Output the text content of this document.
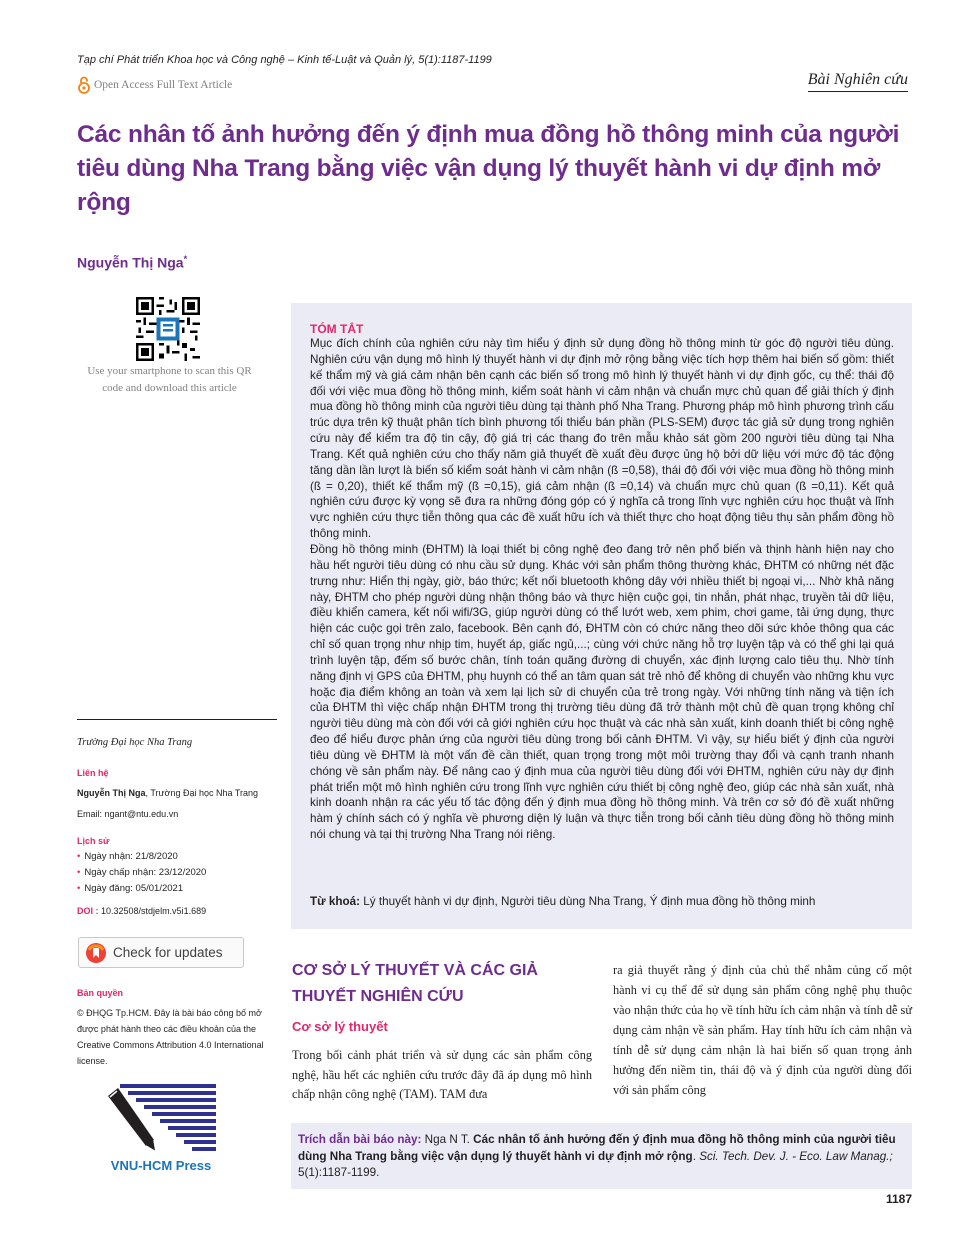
Tạp chí Phát triển Khoa học và Công nghệ – Kinh tế-Luật và Quản lý, 5(1):1187-1199
Open Access Full Text Article	Bài Nghiên cứu
Các nhân tố ảnh hưởng đến ý định mua đồng hồ thông minh của người tiêu dùng Nha Trang bằng việc vận dụng lý thuyết hành vi dự định mở rộng
Nguyễn Thị Nga*
Use your smartphone to scan this QR code and download this article
Trường Đại học Nha Trang
Liên hệ
Nguyễn Thị Nga, Trường Đại học Nha Trang
Email: ngant@ntu.edu.vn
Lịch sử
• Ngày nhận: 21/8/2020
• Ngày chấp nhận: 23/12/2020
• Ngày đăng: 05/01/2021
DOI : 10.32508/stdjelm.v5i1.689
Check for updates
Bản quyền
© ĐHQG Tp.HCM. Đây là bài báo công bố mở được phát hành theo các điều khoản của the Creative Commons Attribution 4.0 International license.
VNU-HCM Press
TÓM TẮT

Mục đích chính của nghiên cứu này tìm hiểu ý định sử dụng đồng hồ thông minh từ góc độ người tiêu dùng. Nghiên cứu vận dụng mô hình lý thuyết hành vi dự định mở rộng bằng việc tích hợp thêm hai biến số gồm: thiết kế thẩm mỹ và giá cảm nhận bên cạnh các biến số trong mô hình lý thuyết hành vi dự định gốc, cụ thể: thái độ đối với việc mua đồng hồ thông minh, kiểm soát hành vi cảm nhận và chuẩn mực chủ quan để giải thích ý định mua đồng hồ thông minh của người tiêu dùng tại thành phố Nha Trang. Phương pháp mô hình phương trình cấu trúc dựa trên kỹ thuật phân tích bình phương tối thiểu bán phần (PLS-SEM) được tác giả sử dụng trong nghiên cứu này để kiểm tra độ tin cậy, độ giá trị các thang đo trên mẫu khảo sát gồm 200 người tiêu dùng tại Nha Trang. Kết quả nghiên cứu cho thấy năm giả thuyết đề xuất đều được ủng hộ bởi dữ liệu với mức độ tác động tăng dần lần lượt là biến số kiểm soát hành vi cảm nhận (ß =0,58), thái độ đối với việc mua đồng hồ thông minh (ß = 0,20), thiết kế thẩm mỹ (ß =0,15), giá cảm nhận (ß =0,14) và chuẩn mực chủ quan (ß =0,11). Kết quả nghiên cứu được kỳ vọng sẽ đưa ra những đóng góp có ý nghĩa cả trong lĩnh vực nghiên cứu học thuật và lĩnh vực nghiên cứu thực tiễn thông qua các đề xuất hữu ích và thiết thực cho hoạt động tiêu thụ sản phẩm đồng hồ thông minh.

Đồng hồ thông minh (ĐHTM) là loại thiết bị công nghệ đeo đang trở nên phổ biến và thịnh hành hiện nay cho hầu hết người tiêu dùng có nhu cầu sử dụng. Khác với sản phẩm thông thường khác, ĐHTM có những nét đặc trưng như: Hiển thị ngày, giờ, báo thức; kết nối bluetooth không dây với nhiều thiết bị ngoại vi,... Nhờ khả năng này, ĐHTM cho phép người dùng nhận thông báo và thực hiện cuộc gọi, tin nhắn, phát nhạc, truyền tải dữ liệu, điều khiển camera, kết nối wifi/3G, giúp người dùng có thể lướt web, xem phim, chơi game, tải ứng dụng, thực hiện các cuộc gọi trên zalo, facebook. Bên cạnh đó, ĐHTM còn có chức năng theo dõi sức khỏe thông qua các chỉ số quan trọng như nhịp tim, huyết áp, giấc ngủ,...; cùng với chức năng hỗ trợ luyện tập và có thể ghi lại quá trình luyện tập, đếm số bước chân, tính toán quãng đường di chuyển, xác định lượng calo tiêu thụ. Nhờ tính năng định vị GPS của ĐHTM, phụ huynh có thể an tâm quan sát trẻ nhỏ để không di chuyển vào những khu vực hoặc địa điểm không an toàn và xem lại lịch sử di chuyển của trẻ trong ngày. Với những tính năng và tiện ích của ĐHTM thì việc chấp nhận ĐHTM trong thị trường tiêu dùng đã trở thành một chủ đề quan trọng không chỉ người tiêu dùng mà còn đối với cả giới nghiên cứu học thuật và các nhà sản xuất, kinh doanh thiết bị công nghệ đeo để hiểu được phản ứng của người tiêu dùng trong bối cảnh ĐHTM. Vì vậy, sự hiểu biết ý định của người tiêu dùng về ĐHTM là một vấn đề cần thiết, quan trọng trong một môi trường thay đổi và cạnh tranh nhanh chóng về sản phẩm này. Để nâng cao ý định mua của người tiêu dùng đối với ĐHTM, nghiên cứu này dự định phát triển một mô hình nghiên cứu trong lĩnh vực nghiên cứu thiết bị công nghệ đeo, giúp các nhà sản xuất, nhà kinh doanh nhận ra các yếu tố tác động đến ý định mua đồng hồ thông minh. Và trên cơ sở đó đề xuất những hàm ý chính sách có ý nghĩa về phương diện lý luận và thực tiễn trong bối cảnh tiêu dùng đồng hồ thông minh nói chung và tại thị trường Nha Trang nói riêng.

Từ khoá: Lý thuyết hành vi dự định, Người tiêu dùng Nha Trang, Ý định mua đồng hồ thông minh
CƠ SỞ LÝ THUYẾT VÀ CÁC GIẢ THUYẾT NGHIÊN CỨU
Cơ sở lý thuyết
Trong bối cảnh phát triển và sử dụng các sản phẩm công nghệ, hầu hết các nghiên cứu trước đây đã áp dụng mô hình chấp nhận công nghệ (TAM). TAM đưa
ra giả thuyết rằng ý định của chủ thể nhằm củng cố một hành vi cụ thể để sử dụng sản phẩm công nghệ phụ thuộc vào nhận thức của họ về tính hữu ích cảm nhận và tính dễ sử dụng cảm nhận về sản phẩm. Hay tính hữu ích cảm nhận và tính dễ sử dụng cảm nhận là hai biến số quan trọng ảnh hưởng đến niềm tin, thái độ và ý định của người dùng đối với sản phẩm công
Trích dẫn bài báo này: Nga N T. Các nhân tố ảnh hưởng đến ý định mua đồng hồ thông minh của người tiêu dùng Nha Trang bằng việc vận dụng lý thuyết hành vi dự định mở rộng. Sci. Tech. Dev. J. - Eco. Law Manag.; 5(1):1187-1199.
1187
